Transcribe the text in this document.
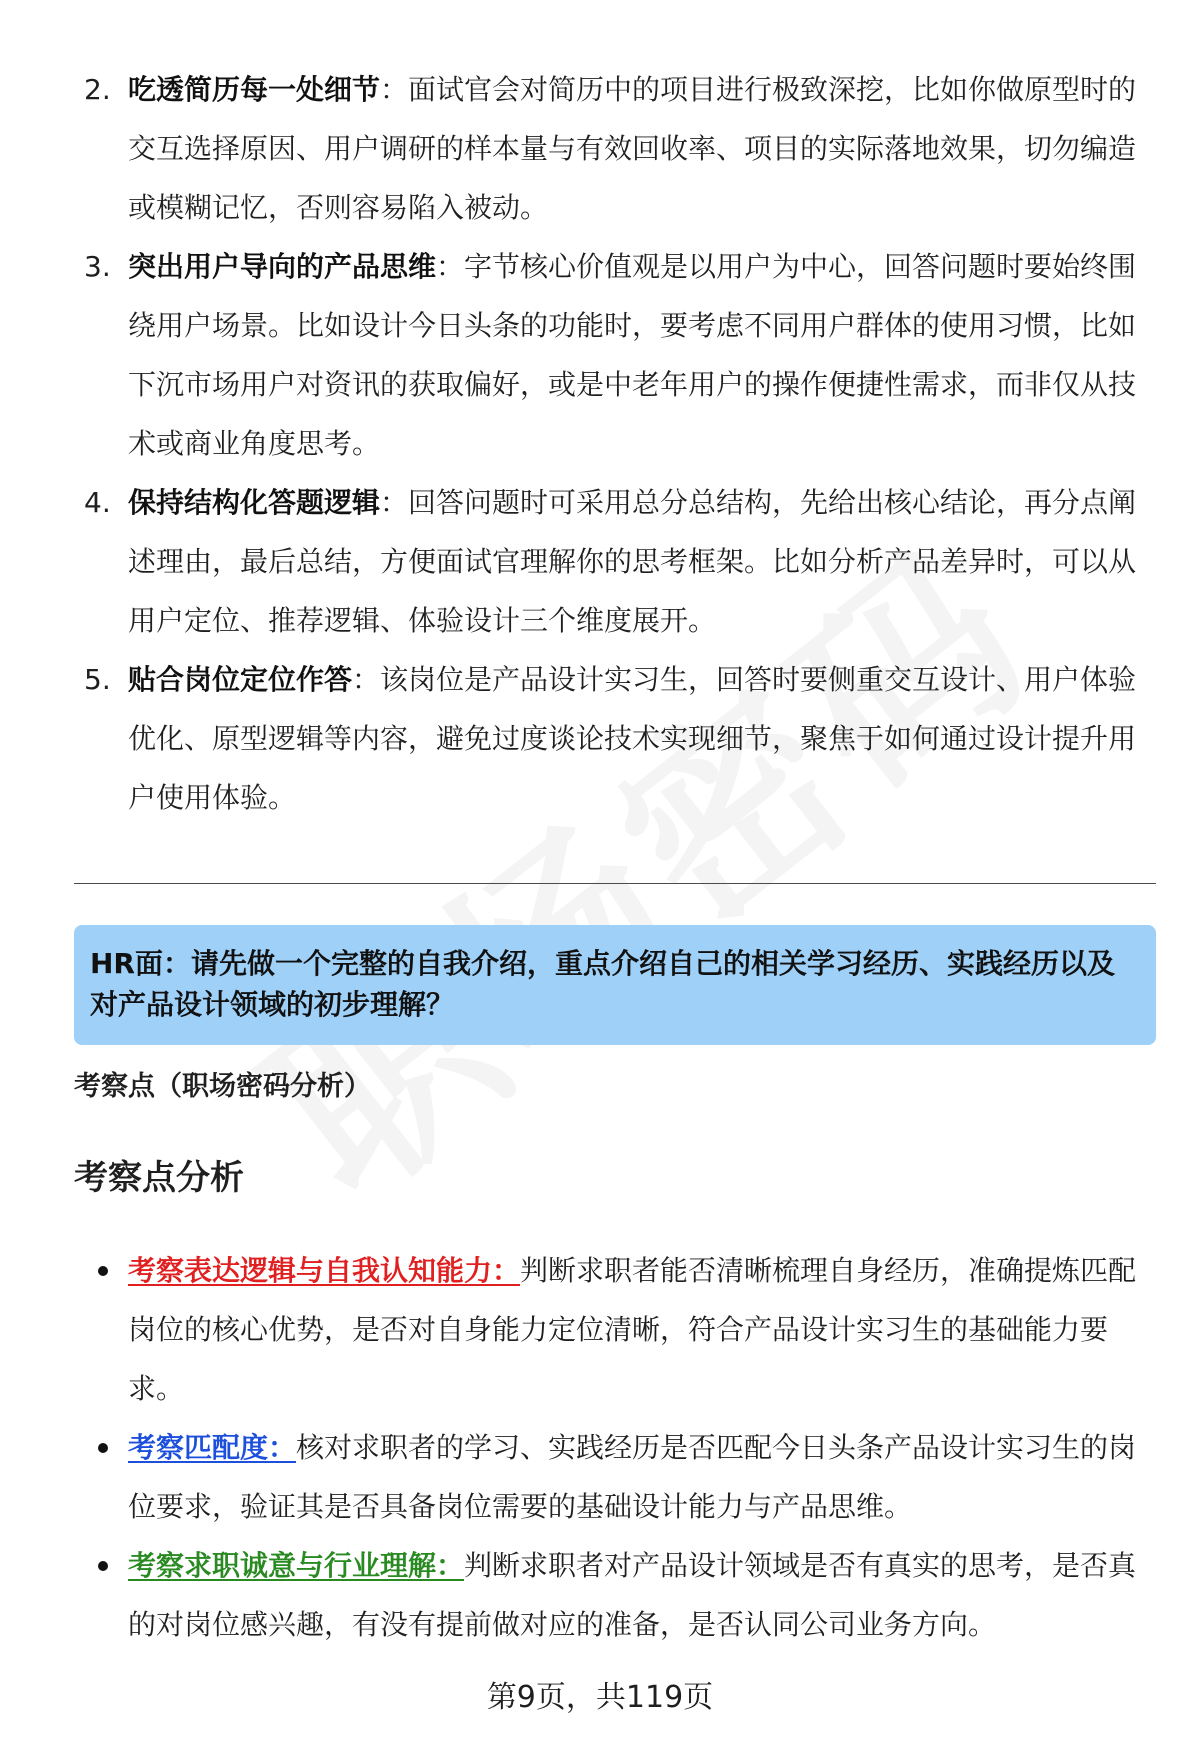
2. 吃透简历每一处细节：面试官会对简历中的项目进行极致深挖，比如你做原型时的交互选择原因、用户调研的样本量与有效回收率、项目的实际落地效果，切勿编造或模糊记忆，否则容易陷入被动。
3. 突出用户导向的产品思维：字节核心价值观是以用户为中心，回答问题时要始终围绕用户场景。比如设计今日头条的功能时，要考虑不同用户群体的使用习惯，比如下沉市场用户对资讯的获取偏好，或是中老年用户的操作便捷性需求，而非仅从技术或商业角度思考。
4. 保持结构化答题逻辑：回答问题时可采用总分总结构，先给出核心结论，再分点阐述理由，最后总结，方便面试官理解你的思考框架。比如分析产品差异时，可以从用户定位、推荐逻辑、体验设计三个维度展开。
5. 贴合岗位定位作答：该岗位是产品设计实习生，回答时要侧重交互设计、用户体验优化、原型逻辑等内容，避免过度谈论技术实现细节，聚焦于如何通过设计提升用户使用体验。
HR面：请先做一个完整的自我介绍，重点介绍自己的相关学习经历、实践经历以及对产品设计领域的初步理解？
考察点（职场密码分析）
考察点分析
考察表达逻辑与自我认知能力：判断求职者能否清晰梳理自身经历，准确提炼匹配岗位的核心优势，是否对自身能力定位清晰，符合产品设计实习生的基础能力要求。
考察匹配度：核对求职者的学习、实践经历是否匹配今日头条产品设计实习生的岗位要求，验证其是否具备岗位需要的基础设计能力与产品思维。
考察求职诚意与行业理解：判断求职者对产品设计领域是否有真实的思考，是否真的对岗位感兴趣，有没有提前做对应的准备，是否认同公司业务方向。
第9页，共119页
